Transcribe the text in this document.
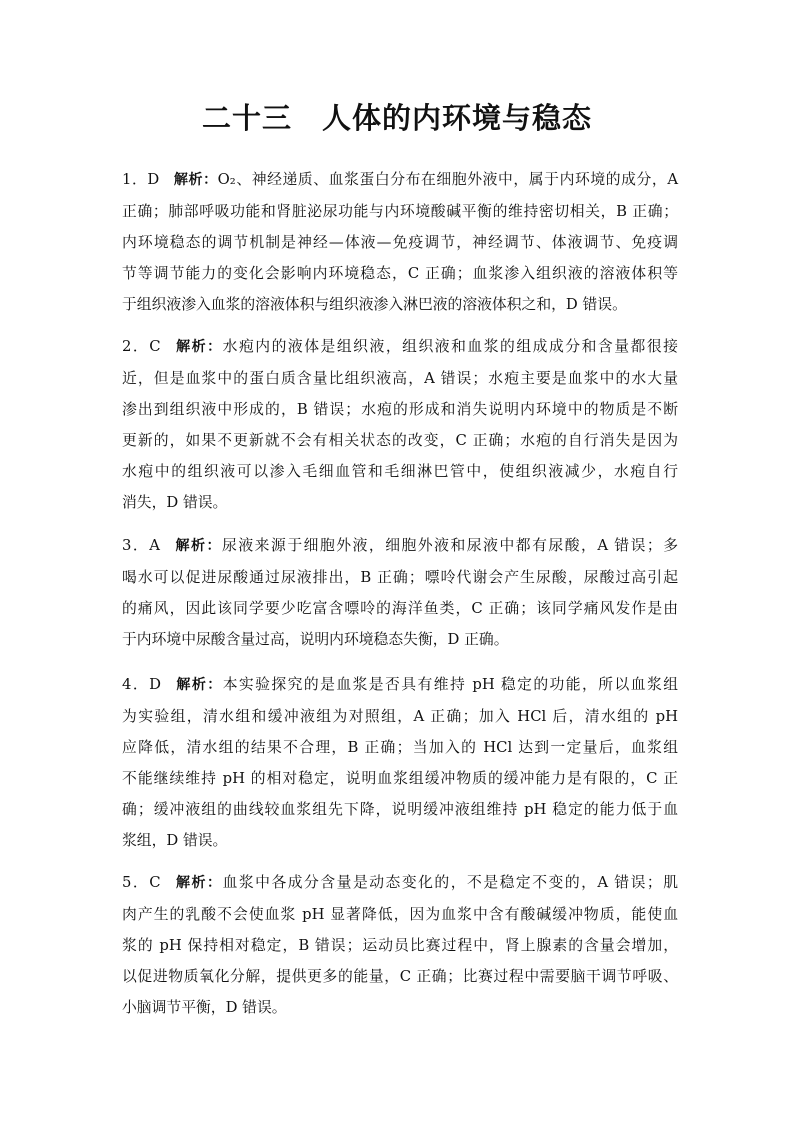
二十三 人体的内环境与稳态
1．D 解析：O₂、神经递质、血浆蛋白分布在细胞外液中，属于内环境的成分，A
正确；肺部呼吸功能和肾脏泌尿功能与内环境酸碱平衡的维持密切相关，B 正确；
内环境稳态的调节机制是神经—体液—免疫调节，神经调节、体液调节、免疫调
节等调节能力的变化会影响内环境稳态，C 正确；血浆渗入组织液的溶液体积等
于组织液渗入血浆的溶液体积与组织液渗入淋巴液的溶液体积之和，D 错误。
2．C 解析：水疱内的液体是组织液，组织液和血浆的组成成分和含量都很接
近，但是血浆中的蛋白质含量比组织液高，A 错误；水疱主要是血浆中的水大量
渗出到组织液中形成的，B 错误；水疱的形成和消失说明内环境中的物质是不断
更新的，如果不更新就不会有相关状态的改变，C 正确；水疱的自行消失是因为
水疱中的组织液可以渗入毛细血管和毛细淋巴管中，使组织液减少，水疱自行
消失，D 错误。
3．A 解析：尿液来源于细胞外液，细胞外液和尿液中都有尿酸，A 错误；多
喝水可以促进尿酸通过尿液排出，B 正确；嘌呤代谢会产生尿酸，尿酸过高引起
的痛风，因此该同学要少吃富含嘌呤的海洋鱼类，C 正确；该同学痛风发作是由
于内环境中尿酸含量过高，说明内环境稳态失衡，D 正确。
4．D 解析：本实验探究的是血浆是否具有维持 pH 稳定的功能，所以血浆组
为实验组，清水组和缓冲液组为对照组，A 正确；加入 HCl 后，清水组的 pH
应降低，清水组的结果不合理，B 正确；当加入的 HCl 达到一定量后，血浆组
不能继续维持 pH 的相对稳定，说明血浆组缓冲物质的缓冲能力是有限的，C 正
确；缓冲液组的曲线较血浆组先下降，说明缓冲液组维持 pH 稳定的能力低于血
浆组，D 错误。
5．C 解析：血浆中各成分含量是动态变化的，不是稳定不变的，A 错误；肌
肉产生的乳酸不会使血浆 pH 显著降低，因为血浆中含有酸碱缓冲物质，能使血
浆的 pH 保持相对稳定，B 错误；运动员比赛过程中，肾上腺素的含量会增加，
以促进物质氧化分解，提供更多的能量，C 正确；比赛过程中需要脑干调节呼吸、
小脑调节平衡，D 错误。
